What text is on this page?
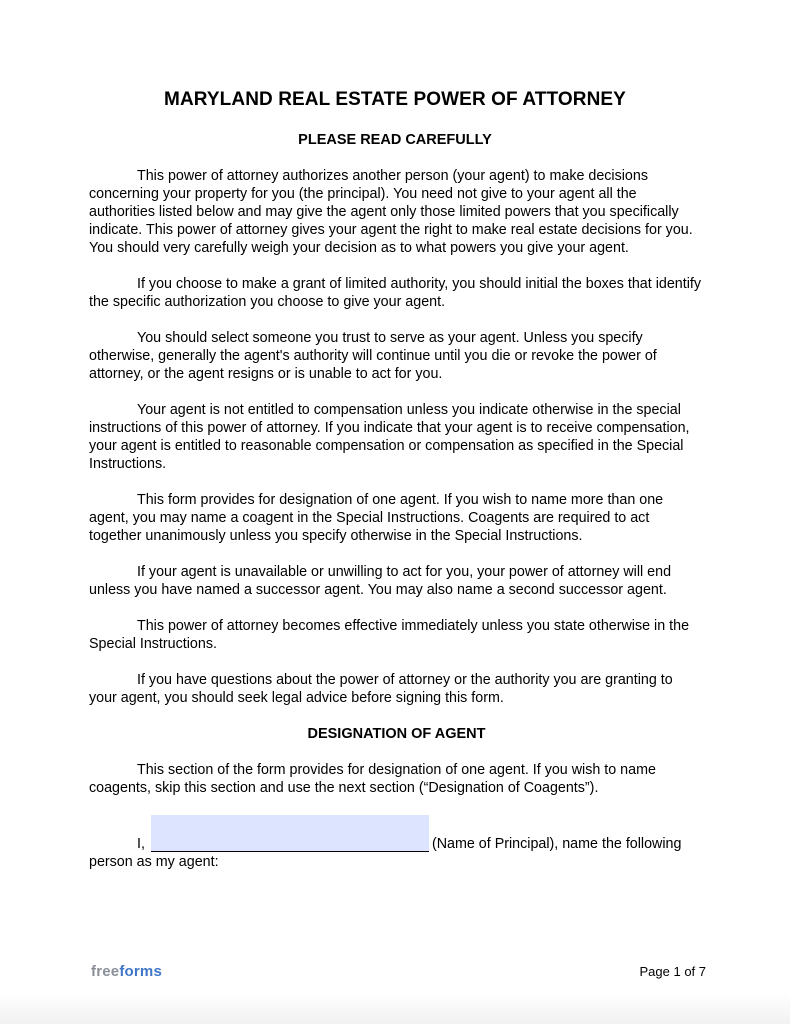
MARYLAND REAL ESTATE POWER OF ATTORNEY
PLEASE READ CAREFULLY

This power of attorney authorizes another person (your agent) to make decisions concerning your property for you (the principal). You need not give to your agent all the authorities listed below and may give the agent only those limited powers that you specifically indicate. This power of attorney gives your agent the right to make real estate decisions for you. You should very carefully weigh your decision as to what powers you give your agent.

If you choose to make a grant of limited authority, you should initial the boxes that identify the specific authorization you choose to give your agent.

You should select someone you trust to serve as your agent. Unless you specify otherwise, generally the agent's authority will continue until you die or revoke the power of attorney, or the agent resigns or is unable to act for you.

Your agent is not entitled to compensation unless you indicate otherwise in the special instructions of this power of attorney. If you indicate that your agent is to receive compensation, your agent is entitled to reasonable compensation or compensation as specified in the Special Instructions.

This form provides for designation of one agent. If you wish to name more than one agent, you may name a coagent in the Special Instructions. Coagents are required to act together unanimously unless you specify otherwise in the Special Instructions.

If your agent is unavailable or unwilling to act for you, your power of attorney will end unless you have named a successor agent. You may also name a second successor agent.

This power of attorney becomes effective immediately unless you state otherwise in the Special Instructions.

If you have questions about the power of attorney or the authority you are granting to your agent, you should seek legal advice before signing this form.

DESIGNATION OF AGENT

This section of the form provides for designation of one agent. If you wish to name coagents, skip this section and use the next section (“Designation of Coagents”).

I,	(Name of Principal), name the following person as my agent:

freeforms	Page 1 of 7
